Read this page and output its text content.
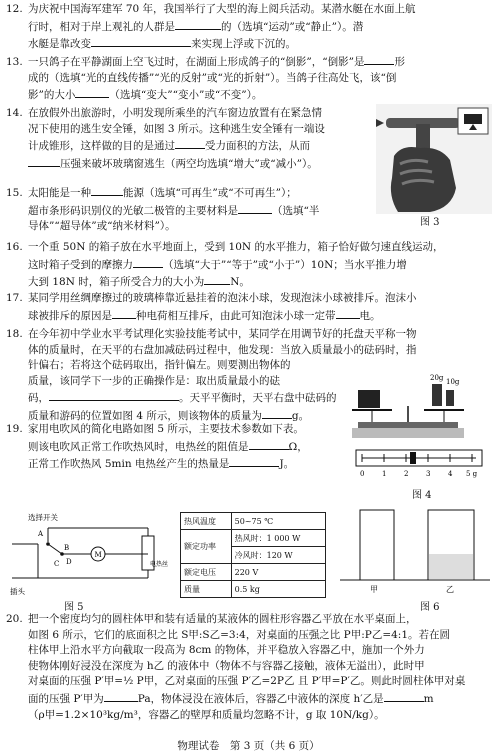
12. 为庆祝中国海军建军 70 年，我国举行了大型的海上阅兵活动。某潜水艇在水面上航
行时，相对于岸上观礼的人群是	的（选填“运动”或“静止”）。潜
水艇是靠改变	来实现上浮或下沉的。
13. 一只鸽子在平静湖面上空飞过时，在湖面上形成鸽子的“倒影”，“倒影”是	形
成的（选填“光的直线传播”“光的反射”或“光的折射”）。当鸽子往高处飞，该“倒
影”的大小	（选填“变大”“变小”或“不变”）。
14. 在放假外出旅游时，小明发现所乘坐的汽车窗边放置有在紧急情
况下使用的逃生安全锤，如图 3 所示。这种逃生安全锤有一端设
计成锥形，这样做的目的是通过	受力面积的方法，从而
压强来破坏玻璃窗逃生（两空均选填“增大”或“减小”）。
图 3
15. 太阳能是一种	能源（选填“可再生”或“不可再生”）；
超市条形码识别仪的光敏二极管的主要材料是	（选填“半
导体”“超导体”或“纳米材料”）。
16. 一个重 50N 的箱子放在水平地面上，受到 10N 的水平推力，箱子恰好做匀速直线运动，
这时箱子受到的摩擦力	（选填“大于”“等于”或“小于”）10N；当水平推力增
大到 18N 时，箱子所受合力的大小为 N。
17. 某同学用丝绸摩擦过的玻璃棒靠近悬挂着的泡沫小球，发现泡沫小球被排斥。泡沫小
球被排斥的原因是 种电荷相互排斥，由此可知泡沫小球一定带 电。
18. 在今年初中学业水平考试理化实验技能考试中，某同学在用调节好的托盘天平称一物
体的质量时，在天平的右盘加减砝码过程中，他发现：当放入质量最小的砝码时，指
针偏右；若将这个砝码取出，指针偏左。则要测出物体的
质量，该同学下一步的正确操作是：取出质量最小的砝
码，	。天平平衡时，天平右盘中砝码的
质量和游码的位置如图 4 所示，则该物体的质量为	g。
20g 10g
0	1	2	3	4 5 g
图 4
19. 家用电吹风的简化电路如图 5 所示，主要技术参数如下表。
则该电吹风正常工作吹热风时，电热丝的阻值是	Ω，
正常工作吹热风 5min 电热丝产生的热量是	J。
选择开关
电热丝
A
B
C D
M
插头
图 5
热风温度	50~75 ℃
额定功率	热风时：1 000 W
	冷风时：120 W
额定电压	220 V
质量	0.5 kg	甲	乙
图 6
20. 把一个密度均匀的圆柱体甲和装有适量的某液体的圆柱形容器乙平放在水平桌面上，
如图 6 所示，它们的底面积之比 S甲:S乙=3:4，对桌面的压强之比 P甲:P乙=4:1。若在圆
柱体甲上沿水平方向截取一段高为 8cm 的物体，并平稳放入容器乙中，施加一个外力
使物体刚好浸没在深度为 h乙 的液体中（物体不与容器乙接触，液体无溢出），此时甲
对桌面的压强 P′甲=½ P甲，乙对桌面的压强 P′乙=2P乙 且 P′甲=P′乙。则此时圆柱体甲对桌
面的压强 P′甲为	Pa，物体浸没在液体后，容器乙中液体的深度 h′乙是	m
（ρ甲=1.2×10³kg/m³，容器乙的壁厚和质量均忽略不计，g 取 10N/kg）。
物理试卷　第 3 页（共 6 页）
